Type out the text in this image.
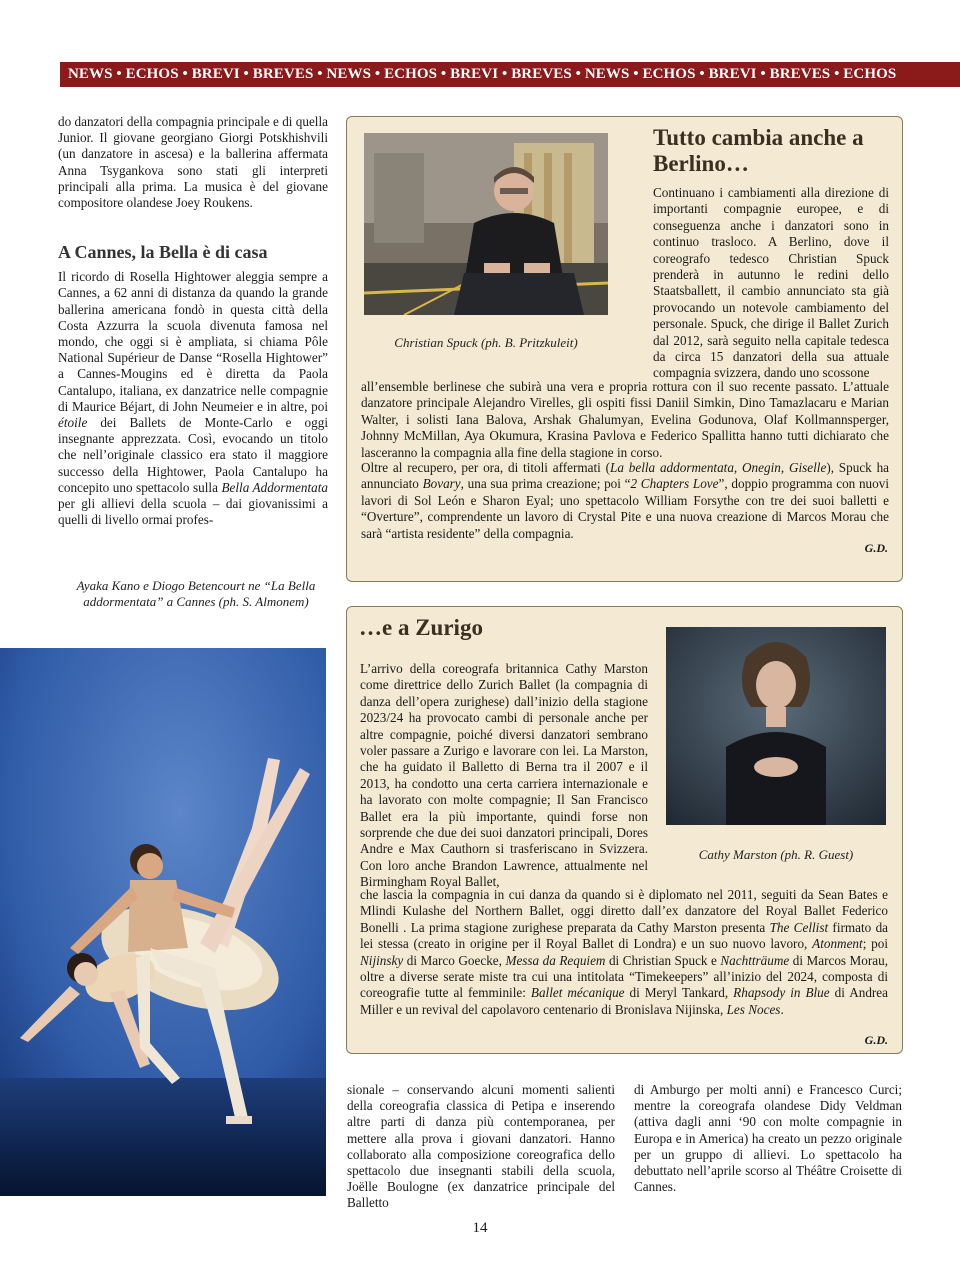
NEWS • ECHOS • BREVI • BREVES • NEWS • ECHOS • BREVI • BREVES • NEWS • ECHOS • BREVI • BREVES • ECHOS

do danzatori della compagnia principale e di quella Junior. Il giovane georgiano Giorgi Potskhishvili (un danzatore in ascesa) e la ballerina affermata Anna Tsygankova sono stati gli interpreti principali alla prima. La musica è del giovane compositore olandese Joey Roukens.

A Cannes, la Bella è di casa

Il ricordo di Rosella Hightower aleggia sempre a Cannes, a 62 anni di distanza da quando la grande ballerina americana fondò in questa città della Costa Azzurra la scuola divenuta famosa nel mondo, che oggi si è ampliata, si chiama Pôle National Supérieur de Danse “Rosella Hightower” a Cannes-Mougins ed è diretta da Paola Cantalupo, italiana, ex danzatrice nelle compagnie di Maurice Béjart, di John Neumeier e in altre, poi étoile dei Ballets de Monte-Carlo e oggi insegnante apprezzata. Così, evocando un titolo che nell’originale classico era stato il maggiore successo della Hightower, Paola Cantalupo ha concepito uno spettacolo sulla Bella Addormentata per gli allievi della scuola – dai giovanissimi a quelli di livello ormai profes-

Ayaka Kano e Diogo Betencourt ne “La Bella addormentata” a Cannes (ph. S. Almonem)
Christian Spuck (ph. B. Pritzkuleit)
Tutto cambia anche a Berlino…
Continuano i cambiamenti alla direzione di importanti compagnie europee, e di conseguenza anche i danzatori sono in continuo trasloco. A Berlino, dove il coreografo tedesco Christian Spuck prenderà in autunno le redini dello Staatsballett, il cambio annunciato sta già provocando un notevole cambiamento del personale. Spuck, che dirige il Ballet Zurich dal 2012, sarà seguito nella capitale tedesca da circa 15 danzatori della sua attuale compagnia svizzera, dando uno scossone
all’ensemble berlinese che subirà una vera e propria rottura con il suo recente passato. L’attuale danzatore principale Alejandro Virelles, gli ospiti fissi Daniil Simkin, Dino Tamazlacaru e Marian Walter, i solisti Iana Balova, Arshak Ghalumyan, Evelina Godunova, Olaf Kollmannsperger, Johnny McMillan, Aya Okumura, Krasina Pavlova e Federico Spallitta hanno tutti dichiarato che lasceranno la compagnia alla fine della stagione in corso.
Oltre al recupero, per ora, di titoli affermati (La bella addormentata, Onegin, Giselle), Spuck ha annunciato Bovary, una sua prima creazione; poi “2 Chapters Love”, doppio programma con nuovi lavori di Sol León e Sharon Eyal; uno spettacolo William Forsythe con tre dei suoi balletti e “Overture”, comprendente un lavoro di Crystal Pite e una nuova creazione di Marcos Morau che sarà “artista residente” della compagnia.
G.D.
…e a Zurigo
Cathy Marston (ph. R. Guest)
L’arrivo della coreografa britannica Cathy Marston come direttrice dello Zurich Ballet (la compagnia di danza dell’opera zurighese) dall’inizio della stagione 2023/24 ha provocato cambi di personale anche per altre compagnie, poiché diversi danzatori sembrano voler passare a Zurigo e lavorare con lei. La Marston, che ha guidato il Balletto di Berna tra il 2007 e il 2013, ha condotto una certa carriera internazionale e ha lavorato con molte compagnie; Il San Francisco Ballet era la più importante, quindi forse non sorprende che due dei suoi danzatori principali, Dores Andre e Max Cauthorn si trasferiscano in Svizzera. Con loro anche Brandon Lawrence, attualmente nel Birmingham Royal Ballet,
che lascia la compagnia in cui danza da quando si è diplomato nel 2011, seguiti da Sean Bates e Mlindi Kulashe del Northern Ballet, oggi diretto dall’ex danzatore del Royal Ballet Federico Bonelli . La prima stagione zurighese preparata da Cathy Marston presenta The Cellist firmato da lei stessa (creato in origine per il Royal Ballet di Londra) e un suo nuovo lavoro, Atonment; poi Nijinsky di Marco Goecke, Messa da Requiem di Christian Spuck e Nachtträume di Marcos Morau, oltre a diverse serate miste tra cui una intitolata “Timekeepers” all’inizio del 2024, composta di coreografie tutte al femminile: Ballet mécanique di Meryl Tankard, Rhapsody in Blue di Andrea Miller e un revival del capolavoro centenario di Bronislava Nijinska, Les Noces.
G.D.
sionale – conservando alcuni momenti salienti della coreografia classica di Petipa e inserendo altre parti di danza più contemporanea, per mettere alla prova i giovani danzatori. Hanno collaborato alla composizione coreografica dello spettacolo due insegnanti stabili della scuola, Joëlle Boulogne (ex danzatrice principale del Balletto
di Amburgo per molti anni) e Francesco Curci; mentre la coreografa olandese Didy Veldman (attiva dagli anni ‘90 con molte compagnie in Europa e in America) ha creato un pezzo originale per un gruppo di allievi. Lo spettacolo ha debuttato nell’aprile scorso al Théâtre Croisette di Cannes.
14
